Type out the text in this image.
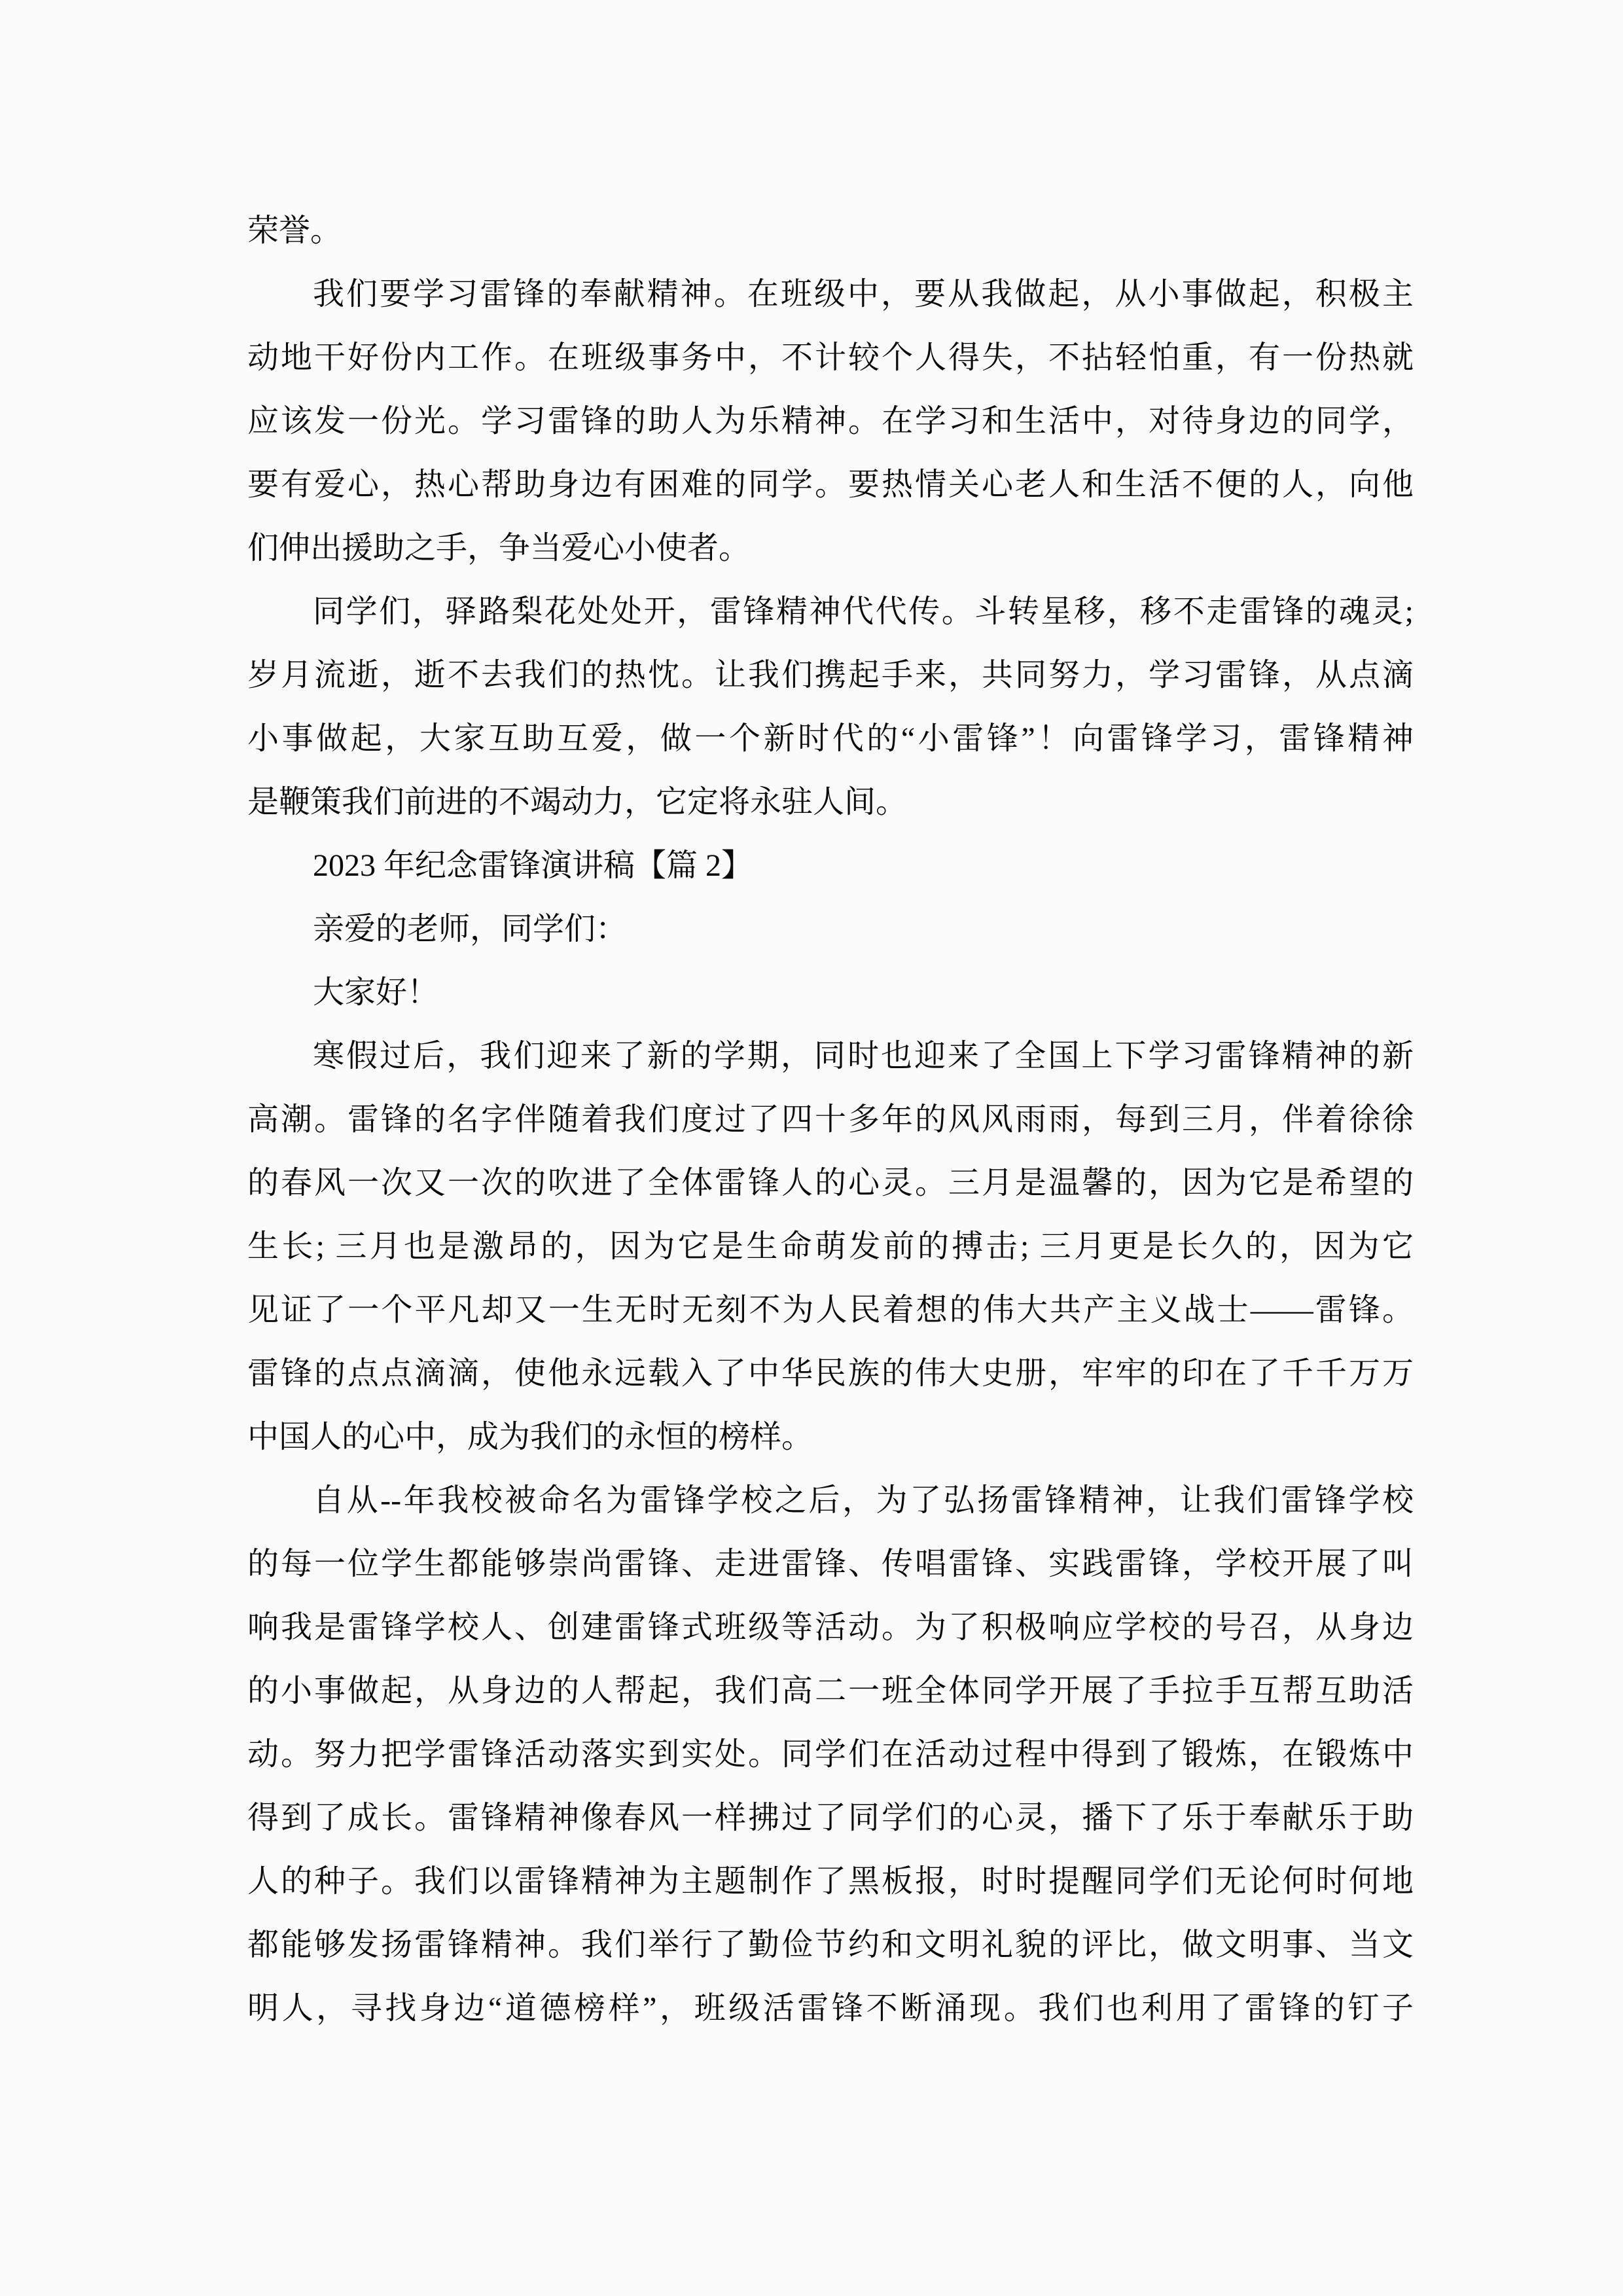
荣誉。
我们要学习雷锋的奉献精神。在班级中，要从我做起，从小事做起，积极主
动地干好份内工作。在班级事务中，不计较个人得失，不拈轻怕重，有一份热就
应该发一份光。学习雷锋的助人为乐精神。在学习和生活中，对待身边的同学，
要有爱心，热心帮助身边有困难的同学。要热情关心老人和生活不便的人，向他
们伸出援助之手，争当爱心小使者。
同学们，驿路梨花处处开，雷锋精神代代传。斗转星移，移不走雷锋的魂灵;
岁月流逝，逝不去我们的热忱。让我们携起手来，共同努力，学习雷锋，从点滴
小事做起，大家互助互爱，做一个新时代的“小雷锋”！向雷锋学习，雷锋精神
是鞭策我们前进的不竭动力，它定将永驻人间。
2023 年纪念雷锋演讲稿【篇 2】
亲爱的老师，同学们：
大家好！
寒假过后，我们迎来了新的学期，同时也迎来了全国上下学习雷锋精神的新
高潮。雷锋的名字伴随着我们度过了四十多年的风风雨雨，每到三月，伴着徐徐
的春风一次又一次的吹进了全体雷锋人的心灵。三月是温馨的，因为它是希望的
生长; 三月也是激昂的，因为它是生命萌发前的搏击; 三月更是长久的，因为它
见证了一个平凡却又一生无时无刻不为人民着想的伟大共产主义战士——雷锋。
雷锋的点点滴滴，使他永远载入了中华民族的伟大史册，牢牢的印在了千千万万
中国人的心中，成为我们的永恒的榜样。
自从--年我校被命名为雷锋学校之后，为了弘扬雷锋精神，让我们雷锋学校
的每一位学生都能够崇尚雷锋、走进雷锋、传唱雷锋、实践雷锋，学校开展了叫
响我是雷锋学校人、创建雷锋式班级等活动。为了积极响应学校的号召，从身边
的小事做起，从身边的人帮起，我们高二一班全体同学开展了手拉手互帮互助活
动。努力把学雷锋活动落实到实处。同学们在活动过程中得到了锻炼，在锻炼中
得到了成长。雷锋精神像春风一样拂过了同学们的心灵，播下了乐于奉献乐于助
人的种子。我们以雷锋精神为主题制作了黑板报，时时提醒同学们无论何时何地
都能够发扬雷锋精神。我们举行了勤俭节约和文明礼貌的评比，做文明事、当文
明人，寻找身边“道德榜样”，班级活雷锋不断涌现。我们也利用了雷锋的钉子
